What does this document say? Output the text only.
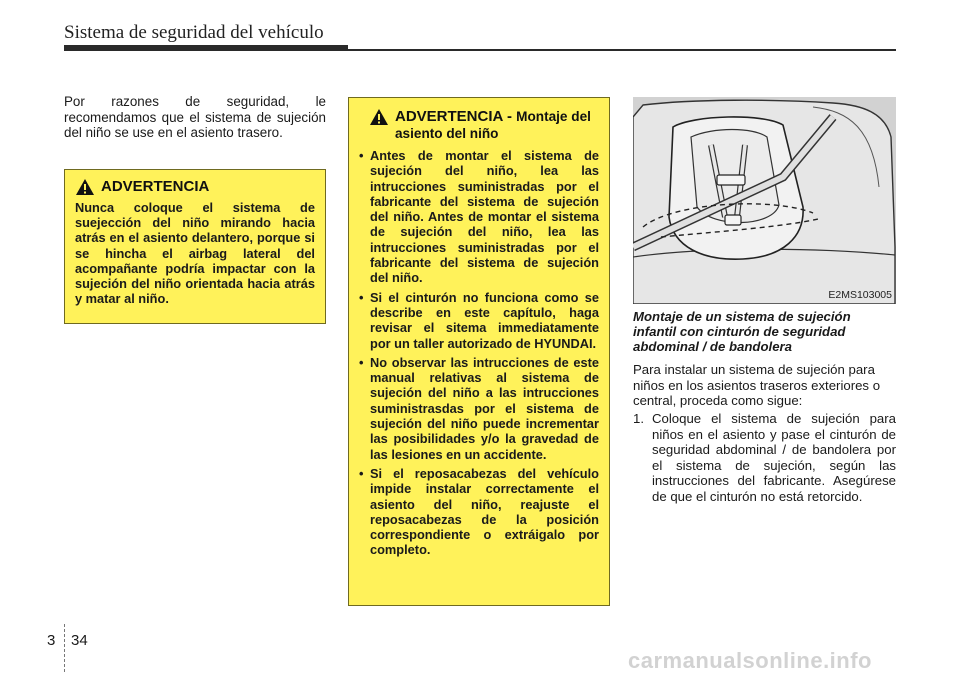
Sistema de seguridad del vehículo

Por razones de seguridad, le recomendamos que el sistema de sujeción del niño se use en el asiento trasero.

ADVERTENCIA

Nunca coloque el sistema de suejección del niño mirando hacia atrás en el asiento delantero, porque si se hincha el airbag lateral del acompañante podría impactar con la sujeción del niño orientada hacia atrás y matar al niño.

ADVERTENCIA - Montaje del asiento del niño
• Antes de montar el sistema de sujeción del niño, lea las intrucciones suministradas por el fabricante del sistema de sujeción del niño. Antes de montar el sistema de sujeción del niño, lea las intrucciones suministradas por el fabricante del sistema de sujeción del niño.
• Si el cinturón no funciona como se describe en este capítulo, haga revisar el sitema immediatamente por un taller autorizado de HYUNDAI.
• No observar las intrucciones de este manual relativas al sistema de sujeción del niño a las intrucciones suministrasdas por el sistema de sujeción del niño puede incrementar las posibilidades y/o la gravedad de las lesiones en un accidente.
• Si el reposacabezas del vehículo impide instalar correctamente el asiento del niño, reajuste el reposacabezas de la posición correspondiente o extráigalo por completo.
E2MS103005

Montaje de un sistema de sujeción infantil con cinturón de seguridad abdominal / de bandolera

Para instalar un sistema de sujeción para niños en los asientos traseros exteriores o central, proceda como sigue:

1. Coloque el sistema de sujeción para niños en el asiento y pase el cinturón de seguridad abdominal / de bandolera por el sistema de sujeción, según las instrucciones del fabricante. Asegúrese de que el cinturón no está retorcido.
3 34
carmanualsonline.info
